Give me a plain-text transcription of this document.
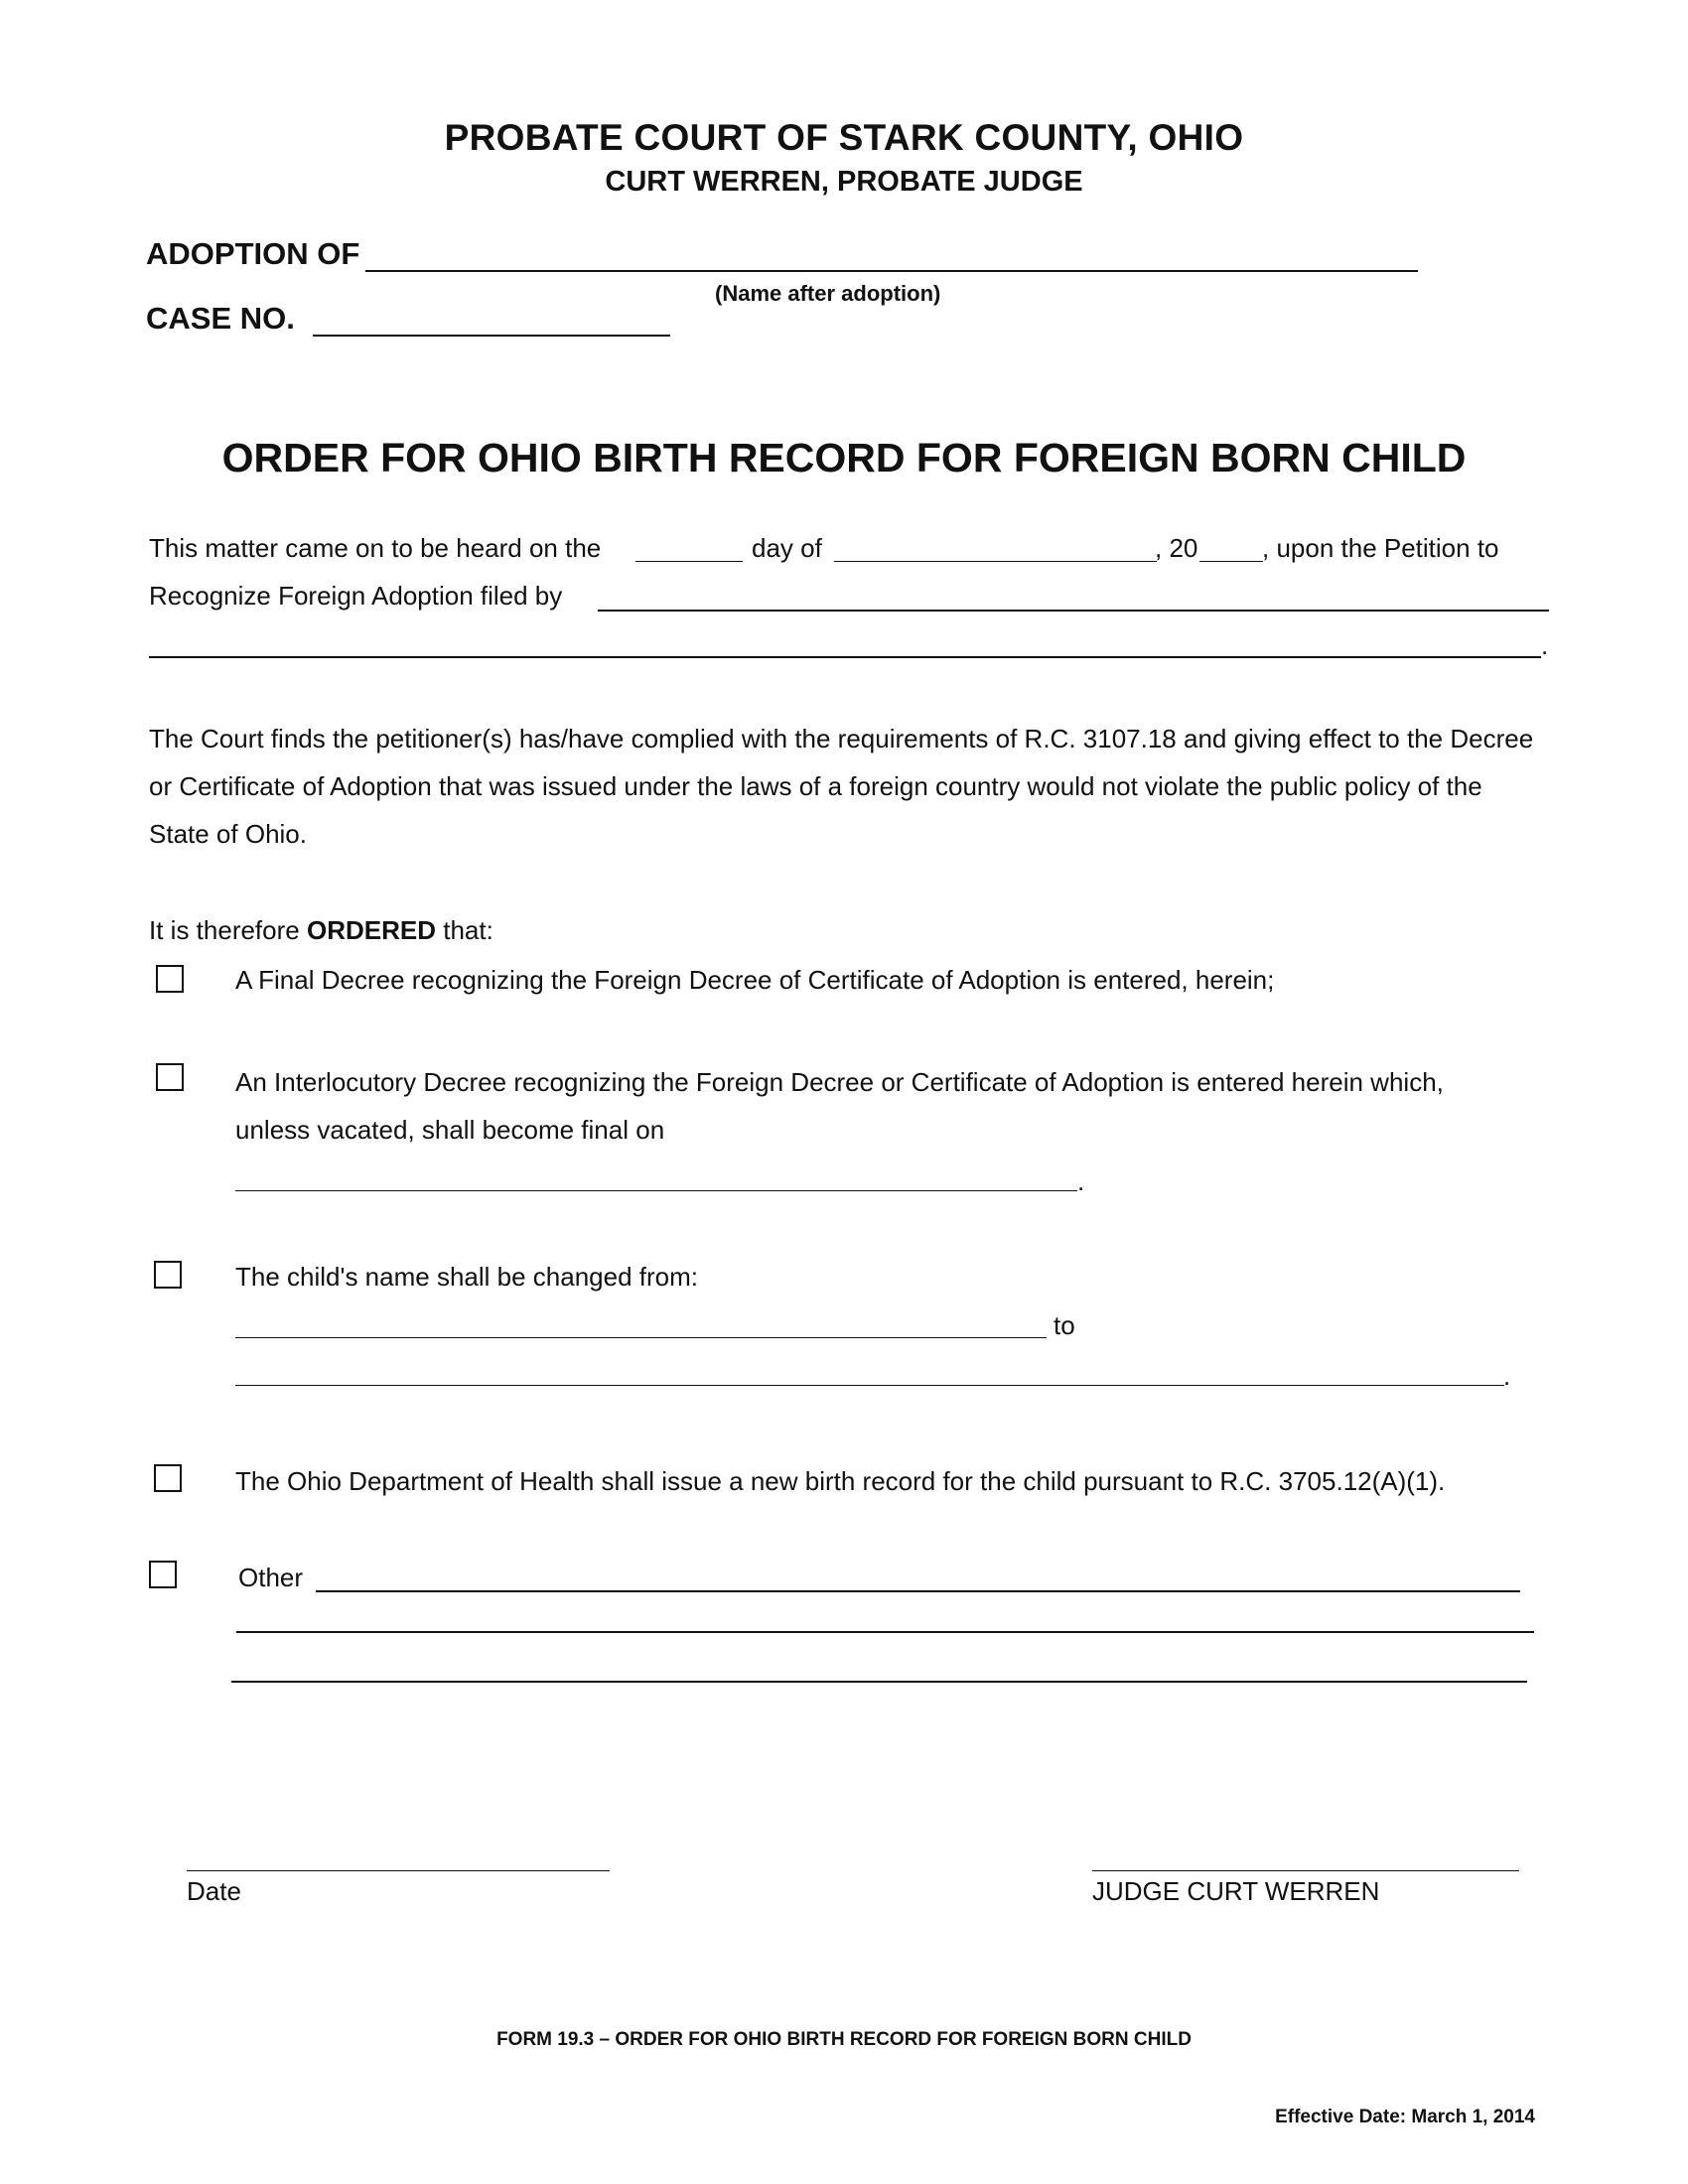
PROBATE COURT OF STARK COUNTY, OHIO
CURT WERREN, PROBATE JUDGE
ADOPTION OF
(Name after adoption)
CASE NO.
ORDER FOR OHIO BIRTH RECORD FOR FOREIGN BORN CHILD
This matter came on to be heard on the	day of	, 20 , upon the Petition to
Recognize Foreign Adoption filed by
.
The Court finds the petitioner(s) has/have complied with the requirements of R.C. 3107.18 and giving effect to the Decree or Certificate of Adoption that was issued under the laws of a foreign country would not violate the public policy of the State of Ohio.
It is therefore ORDERED that:
A Final Decree recognizing the Foreign Decree of Certificate of Adoption is entered, herein;
An Interlocutory Decree recognizing the Foreign Decree or Certificate of Adoption is entered herein which,
unless vacated, shall become final on
.
The child's name shall be changed from:
to
.
The Ohio Department of Health shall issue a new birth record for the child pursuant to R.C. 3705.12(A)(1).
Other
Date	JUDGE CURT WERREN
FORM 19.3 – ORDER FOR OHIO BIRTH RECORD FOR FOREIGN BORN CHILD
Effective Date: March 1, 2014
